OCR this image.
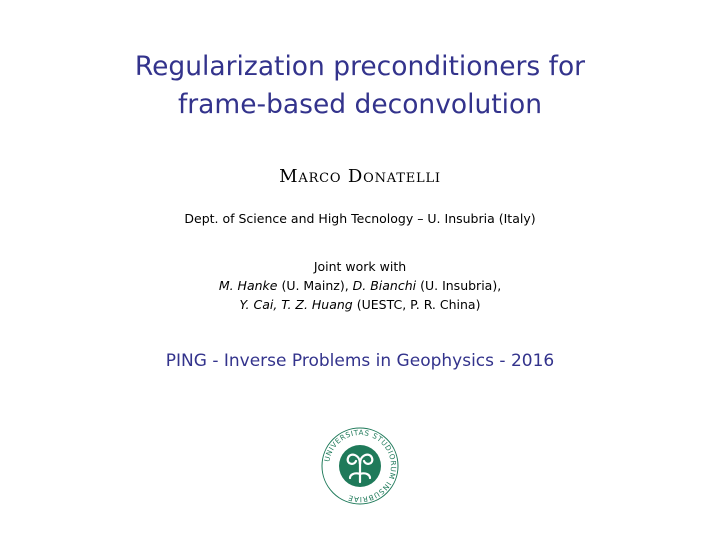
Regularization preconditioners for
frame-based deconvolution
Marco Donatelli
Dept. of Science and High Tecnology – U. Insubria (Italy)
Joint work with
M. Hanke (U. Mainz), D. Bianchi (U. Insubria),
Y. Cai, T. Z. Huang (UESTC, P. R. China)
PING - Inverse Problems in Geophysics - 2016
UNIVERSITAS STUDIORUM INSUBRIAE
